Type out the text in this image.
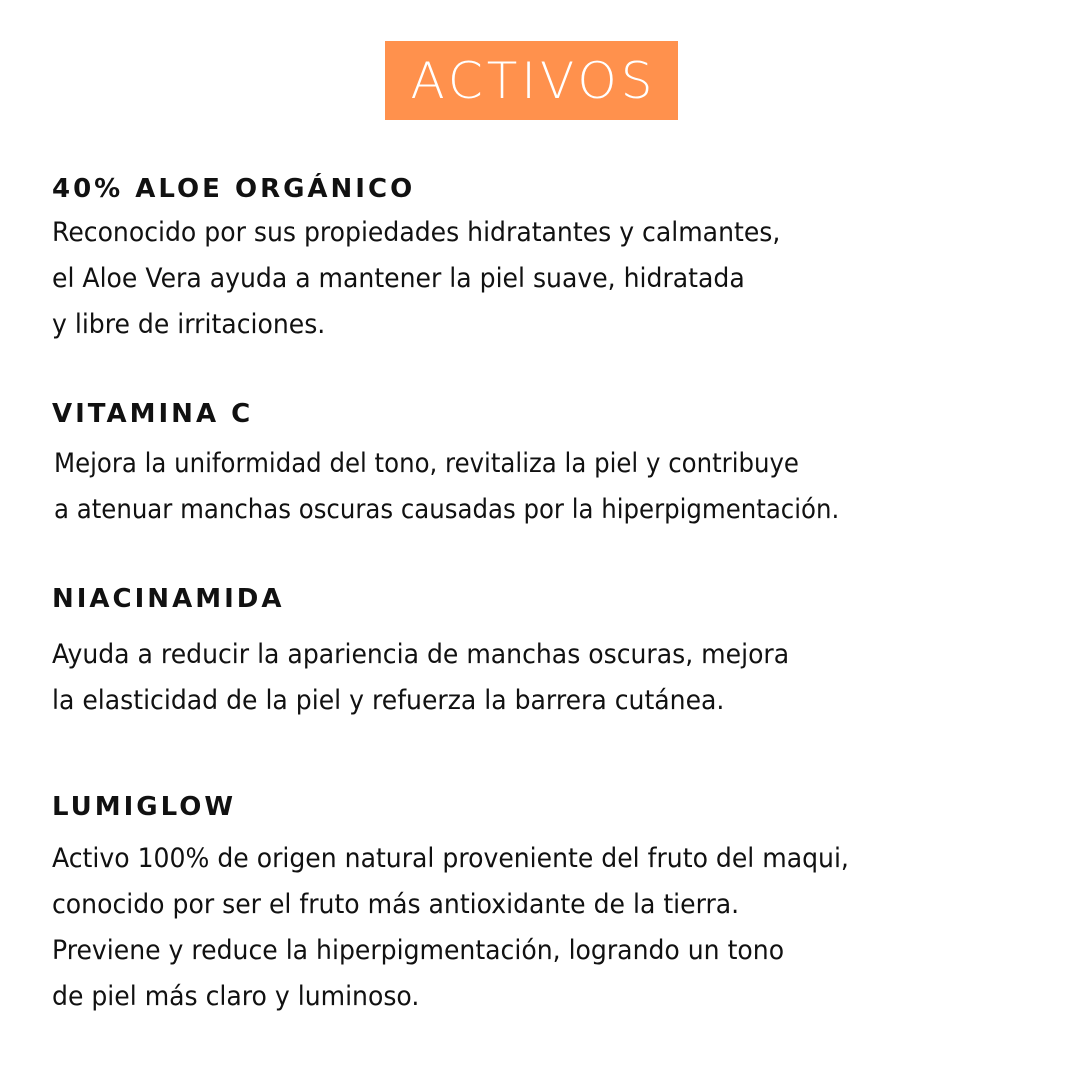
ACTIVOS
40% ALOE ORGÁNICO

Reconocido por sus propiedades hidratantes y calmantes,

el Aloe Vera ayuda a mantener la piel suave, hidratada

y libre de irritaciones.

VITAMINA C

Mejora la uniformidad del tono, revitaliza la piel y contribuye

a atenuar manchas oscuras causadas por la hiperpigmentación.

NIACINAMIDA

Ayuda a reducir la apariencia de manchas oscuras, mejora

la elasticidad de la piel y refuerza la barrera cutánea.

LUMIGLOW

Activo 100% de origen natural proveniente del fruto del maqui,

conocido por ser el fruto más antioxidante de la tierra.

Previene y reduce la hiperpigmentación, logrando un tono

de piel más claro y luminoso.
